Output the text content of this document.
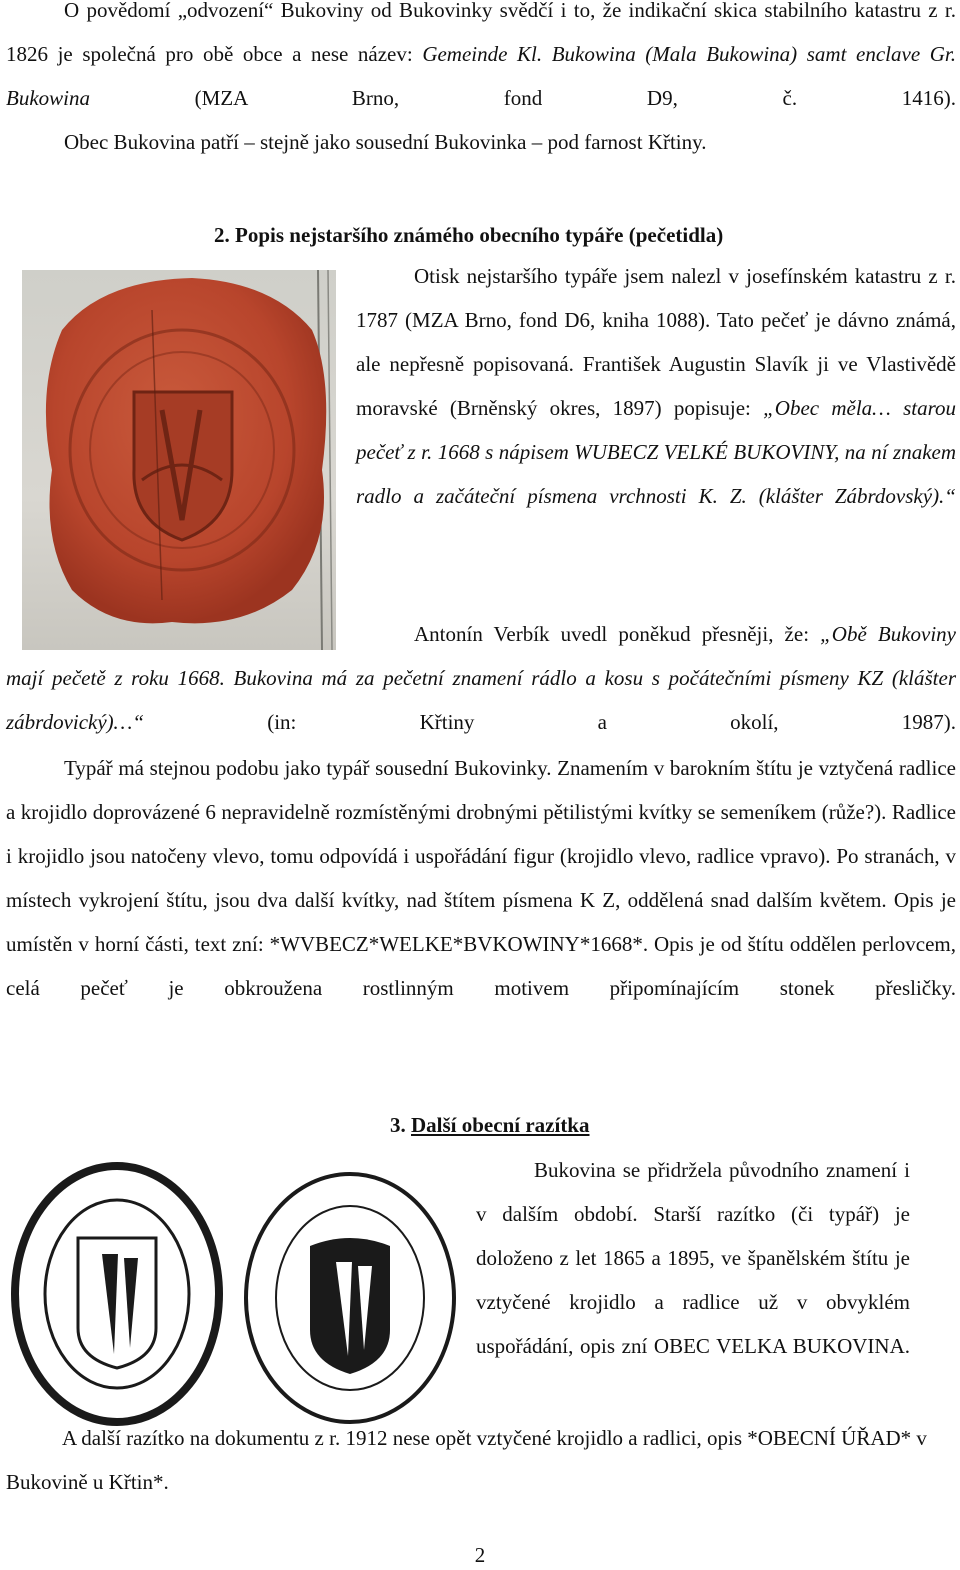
O povědomí „odvození“ Bukoviny od Bukovinky svědčí i to, že indikační skica stabilního katastru z r. 1826 je společná pro obě obce a nese název: Gemeinde Kl. Bukowina (Mala Bukowina) samt enclave Gr. Bukowina (MZA Brno, fond D9, č. 1416).

Obec Bukovina patří – stejně jako sousední Bukovinka – pod farnost Křtiny.

2. Popis nejstaršího známého obecního typáře (pečetidla)

Otisk nejstaršího typáře jsem nalezl v josefínském katastru z r. 1787 (MZA Brno, fond D6, kniha 1088). Tato pečeť je dávno známá, ale nepřesně popisovaná. František Augustin Slavík ji ve Vlastivědě moravské (Brněnský okres, 1897) popisuje: „Obec měla… starou pečeť z r. 1668 s nápisem WUBECZ VELKÉ BUKOVINY, na ní znakem radlo a začáteční písmena vrchnosti K. Z. (klášter Zábrdovský).“

Antonín Verbík uvedl poněkud přesněji, že: „Obě Bukoviny mají pečetě z roku 1668. Bukovina má za pečetní znamení rádlo a kosu s počátečními písmeny KZ (klášter zábrdovický)…“ (in: Křtiny a okolí, 1987).

Typář má stejnou podobu jako typář sousední Bukovinky. Znamením v barokním štítu je vztyčená radlice a krojidlo doprovázené 6 nepravidelně rozmístěnými drobnými pětilistými kvítky se semeníkem (růže?). Radlice i krojidlo jsou natočeny vlevo, tomu odpovídá i uspořádání figur (krojidlo vlevo, radlice vpravo). Po stranách, v místech vykrojení štítu, jsou dva další kvítky, nad štítem písmena K Z, oddělená snad dalším květem. Opis je umístěn v horní části, text zní: *WVBECZ*WELKE*BVKOWINY*1668*. Opis je od štítu oddělen perlovcem, celá pečeť je obkroužena rostlinným motivem připomínajícím stonek přesličky.

3. Další obecní razítka

Bukovina se přidržela původního znamení i v dalším období. Starší razítko (či typář) je doloženo z let 1865 a 1895, ve španělském štítu je vztyčené krojidlo a radlice už v obvyklém uspořádání, opis zní OBEC VELKA BUKOVINA.

A další razítko na dokumentu z r. 1912 nese opět vztyčené krojidlo a radlici, opis *OBECNÍ ÚŘAD* v Bukovině u Křtin*.

2
